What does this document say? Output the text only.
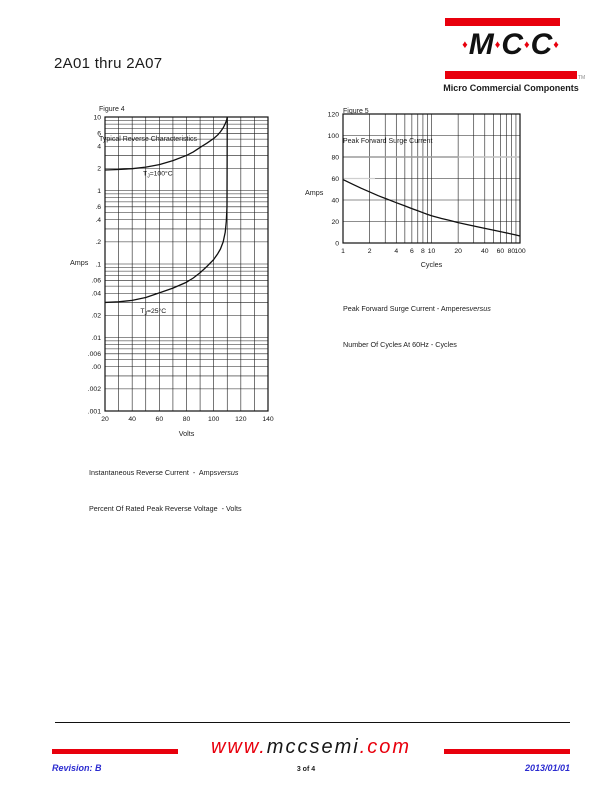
2A01 thru 2A07
♦M♦C♦C♦
TM
Micro Commercial Components

Figure 4

Typical Reverse Characteristics

$T_J=100^\circ C$
$T_J=25^\circ C$
20	40	60	80	100 120 140
10
6
4
2
1
.6
.4
.2
.1
.06
.04
.02
.01
.006
.00
.002
.001
Amps
Volts

Instantaneous Reverse Current  -  Ampsversus

Percent Of Rated Peak Reverse Voltage  - Volts

Figure 5

Peak Forward Surge Current

1	2	4 6 8 10	20	40 60 80 100
120
100
80
60
40
20
0
Amps
Cycles

Peak Forward Surge Current - Amperesversus

Number Of Cycles At 60Hz - Cycles

www.mccsemi.com
Revision: B	3 of 4	2013/01/01
